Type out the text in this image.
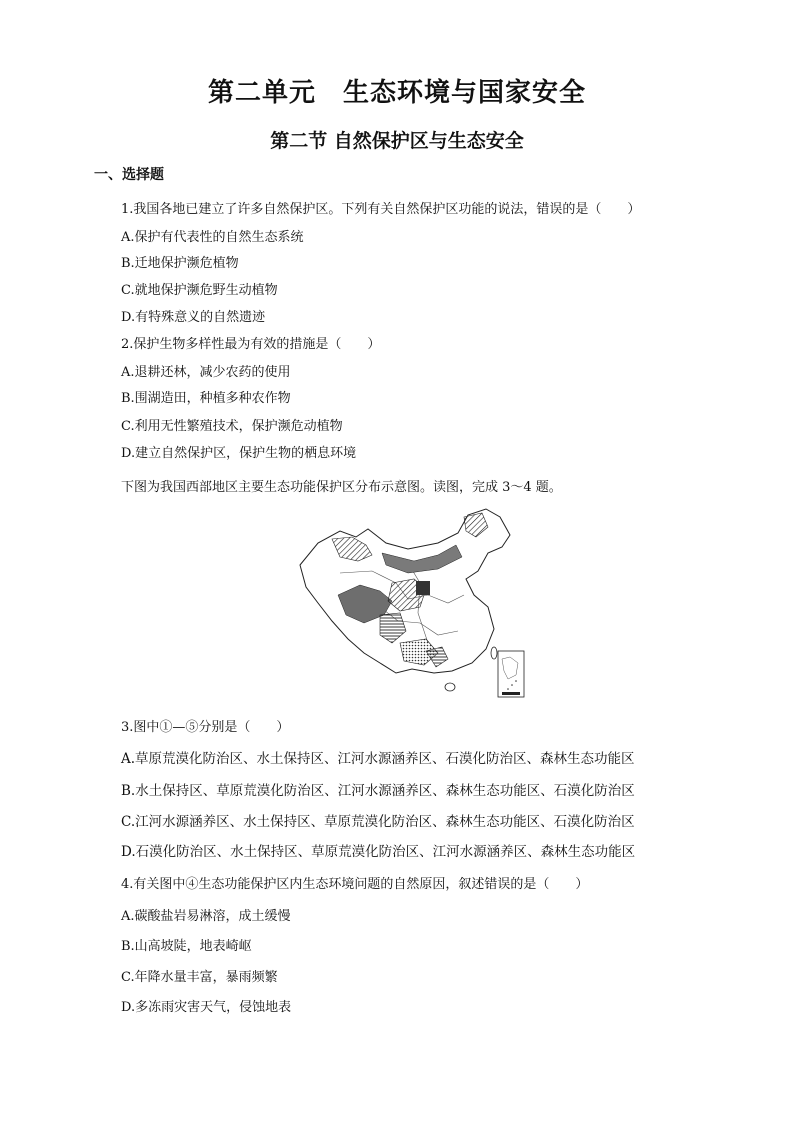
第二单元　生态环境与国家安全
第二节 自然保护区与生态安全
一、选择题
1.我国各地已建立了许多自然保护区。下列有关自然保护区功能的说法，错误的是（　　）
A.保护有代表性的自然生态系统
B.迁地保护濒危植物
C.就地保护濒危野生动植物
D.有特殊意义的自然遗迹
2.保护生物多样性最为有效的措施是（　　）
A.退耕还林，减少农药的使用
B.围湖造田，种植多种农作物
C.利用无性繁殖技术，保护濒危动植物
D.建立自然保护区，保护生物的栖息环境
下图为我国西部地区主要生态功能保护区分布示意图。读图，完成 3～4 题。
3.图中①—⑤分别是（　　）
A.草原荒漠化防治区、水土保持区、江河水源涵养区、石漠化防治区、森林生态功能区
B.水土保持区、草原荒漠化防治区、江河水源涵养区、森林生态功能区、石漠化防治区
C.江河水源涵养区、水土保持区、草原荒漠化防治区、森林生态功能区、石漠化防治区
D.石漠化防治区、水土保持区、草原荒漠化防治区、江河水源涵养区、森林生态功能区
4.有关图中④生态功能保护区内生态环境问题的自然原因，叙述错误的是（　　）
A.碳酸盐岩易淋溶，成土缓慢
B.山高坡陡，地表崎岖
C.年降水量丰富，暴雨频繁
D.多冻雨灾害天气，侵蚀地表
